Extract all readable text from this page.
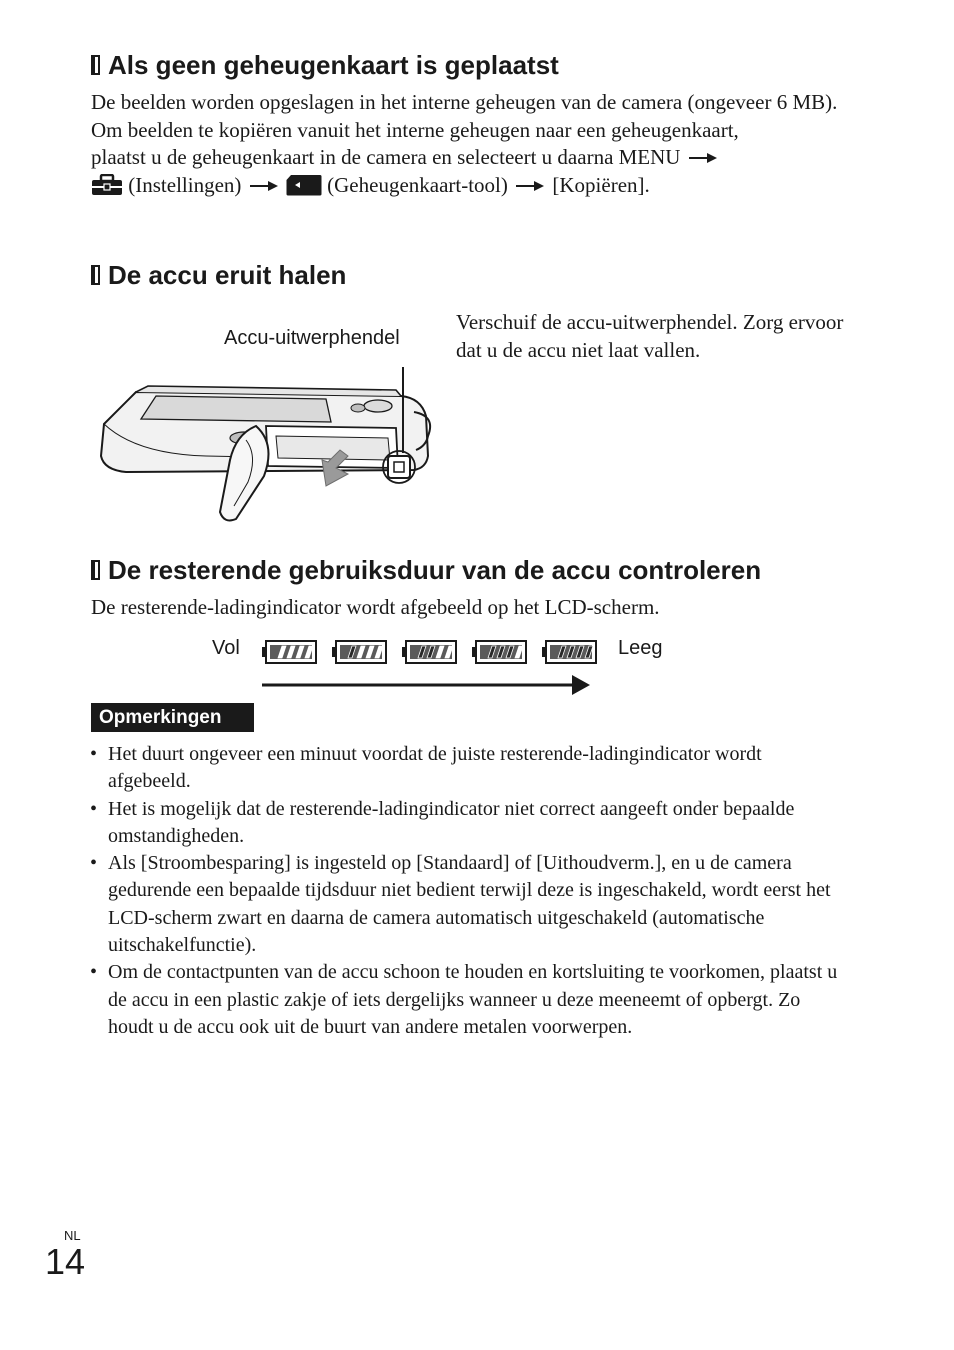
Als geen geheugenkaart is geplaatst

De beelden worden opgeslagen in het interne geheugen van de camera (ongeveer 6 MB).

Om beelden te kopiëren vanuit het interne geheugen naar een geheugenkaart,
plaatst u de geheugenkaart in de camera en selecteert u daarna MENU
(Instellingen)	(Geheugenkaart-tool) [Kopiëren].

De accu eruit halen
Accu-uitwerphendel
Verschuif de accu-uitwerphendel. Zorg ervoor dat u de accu niet laat vallen.
De resterende gebruiksduur van de accu controleren
De resterende-ladingindicator wordt afgebeeld op het LCD-scherm.
Vol	Leeg
Opmerkingen
• Het duurt ongeveer een minuut voordat de juiste resterende-ladingindicator wordt afgebeeld.
• Het is mogelijk dat de resterende-ladingindicator niet correct aangeeft onder bepaalde omstandigheden.
• Als [Stroombesparing] is ingesteld op [Standaard] of [Uithoudverm.], en u de camera gedurende een bepaalde tijdsduur niet bedient terwijl deze is ingeschakeld, wordt eerst het LCD-scherm zwart en daarna de camera automatisch uitgeschakeld (automatische uitschakelfunctie).
• Om de contactpunten van de accu schoon te houden en kortsluiting te voorkomen, plaatst u de accu in een plastic zakje of iets dergelijks wanneer u deze meeneemt of opbergt. Zo houdt u de accu ook uit de buurt van andere metalen voorwerpen.
NL
14
